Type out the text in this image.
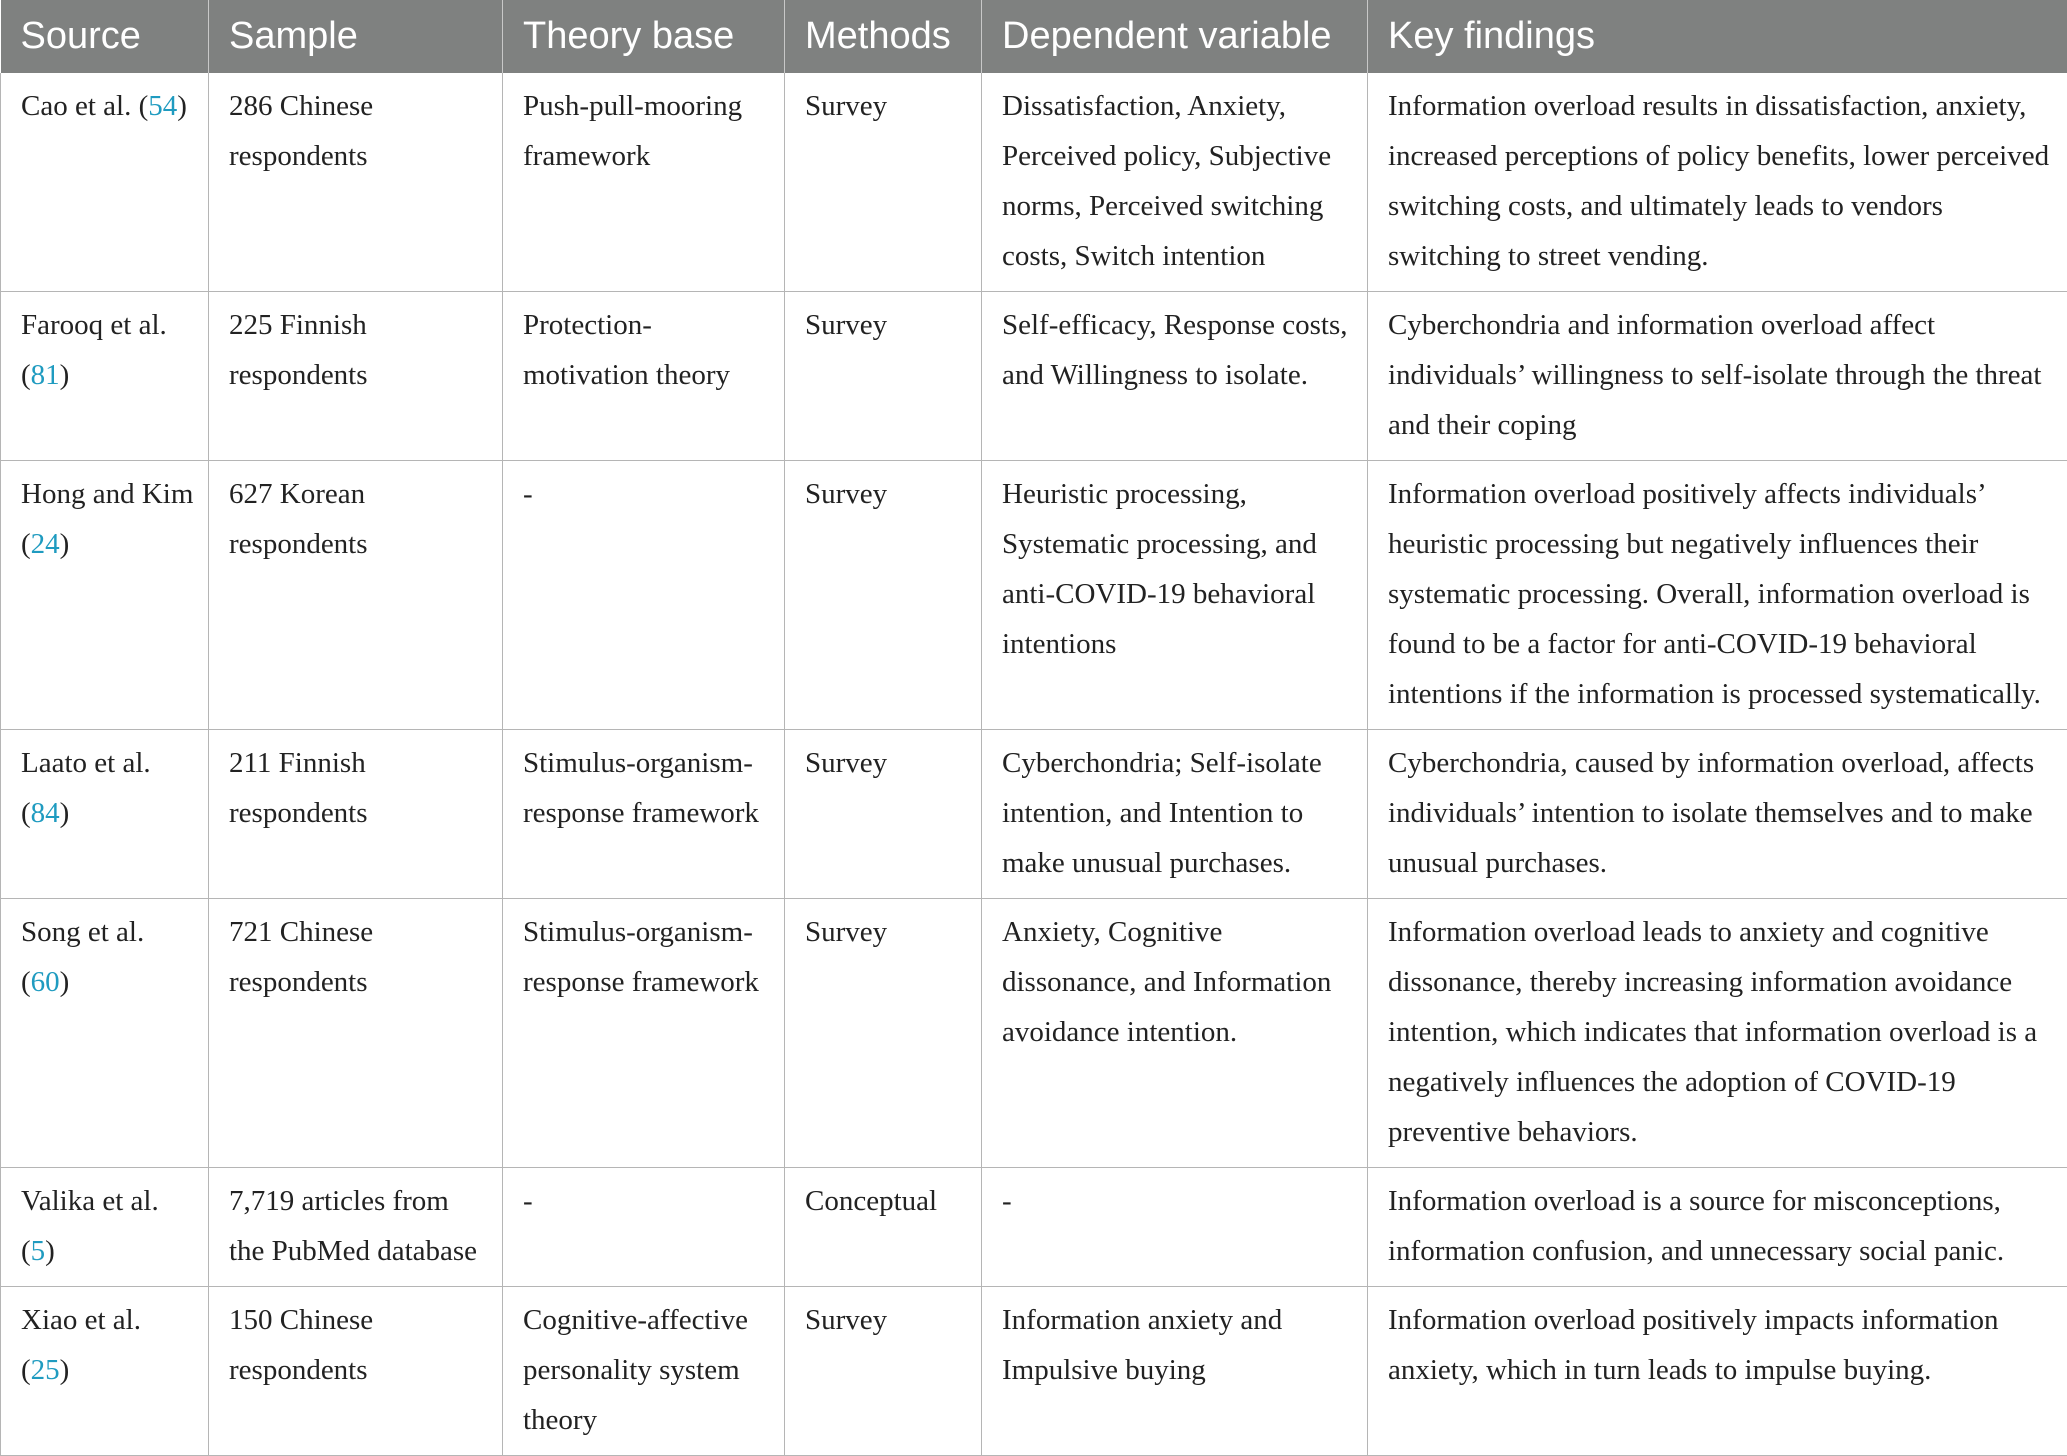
Source	Sample	Theory base	Methods	Dependent variable	Key findings
Cao et al. (54)	286 Chinese respondents	Push-pull-mooring framework	Survey	Dissatisfaction, Anxiety, Perceived policy, Subjective norms, Perceived switching costs, Switch intention	Information overload results in dissatisfaction, anxiety, increased perceptions of policy benefits, lower perceived switching costs, and ultimately leads to vendors switching to street vending.
Farooq et al. (81)	225 Finnish respondents	Protection-motivation theory	Survey	Self-efficacy, Response costs, and Willingness to isolate.	Cyberchondria and information overload affect individuals’ willingness to self-isolate through the threat and their coping
Hong and Kim (24)	627 Korean respondents	-	Survey	Heuristic processing, Systematic processing, and anti-COVID-19 behavioral intentions	Information overload positively affects individuals’ heuristic processing but negatively influences their systematic processing. Overall, information overload is found to be a factor for anti-COVID-19 behavioral intentions if the information is processed systematically.
Laato et al. (84)	211 Finnish respondents	Stimulus-organism-response framework	Survey	Cyberchondria; Self-isolate intention, and Intention to make unusual purchases.	Cyberchondria, caused by information overload, affects individuals’ intention to isolate themselves and to make unusual purchases.
Song et al. (60)	721 Chinese respondents	Stimulus-organism-response framework	Survey	Anxiety, Cognitive dissonance, and Information avoidance intention.	Information overload leads to anxiety and cognitive dissonance, thereby increasing information avoidance intention, which indicates that information overload is a negatively influences the adoption of COVID-19 preventive behaviors.
Valika et al. (5)	7,719 articles from the PubMed database	-	Conceptual	-	Information overload is a source for misconceptions, information confusion, and unnecessary social panic.
Xiao et al. (25)	150 Chinese respondents	Cognitive-affective personality system theory	Survey	Information anxiety and Impulsive buying	Information overload positively impacts information anxiety, which in turn leads to impulse buying.
